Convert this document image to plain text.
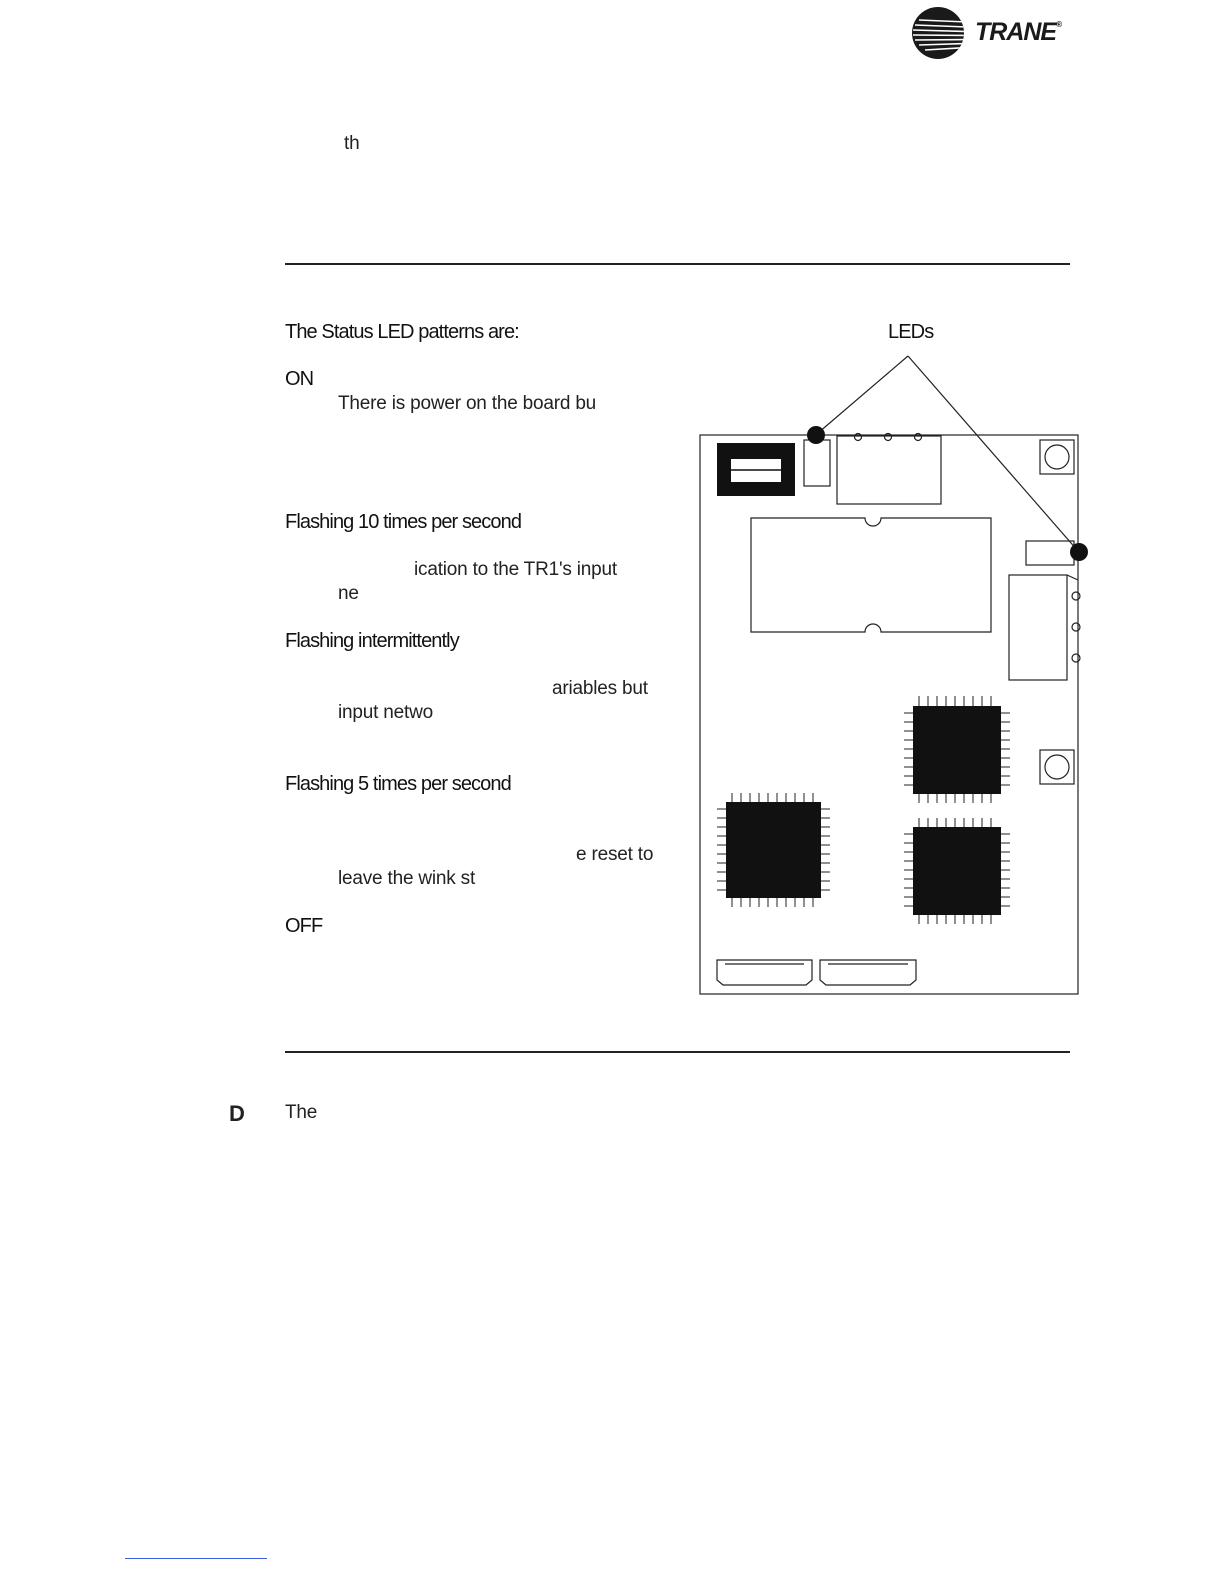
TRANE®
th
The Status LED patterns are:
ON
There is power on the board bu
Flashing 10 times per second
ication to the TR1's input
ne
Flashing intermittently
ariables but
input netwo
Flashing 5 times per second
e reset to
leave the wink st
OFF
LEDs
D The
